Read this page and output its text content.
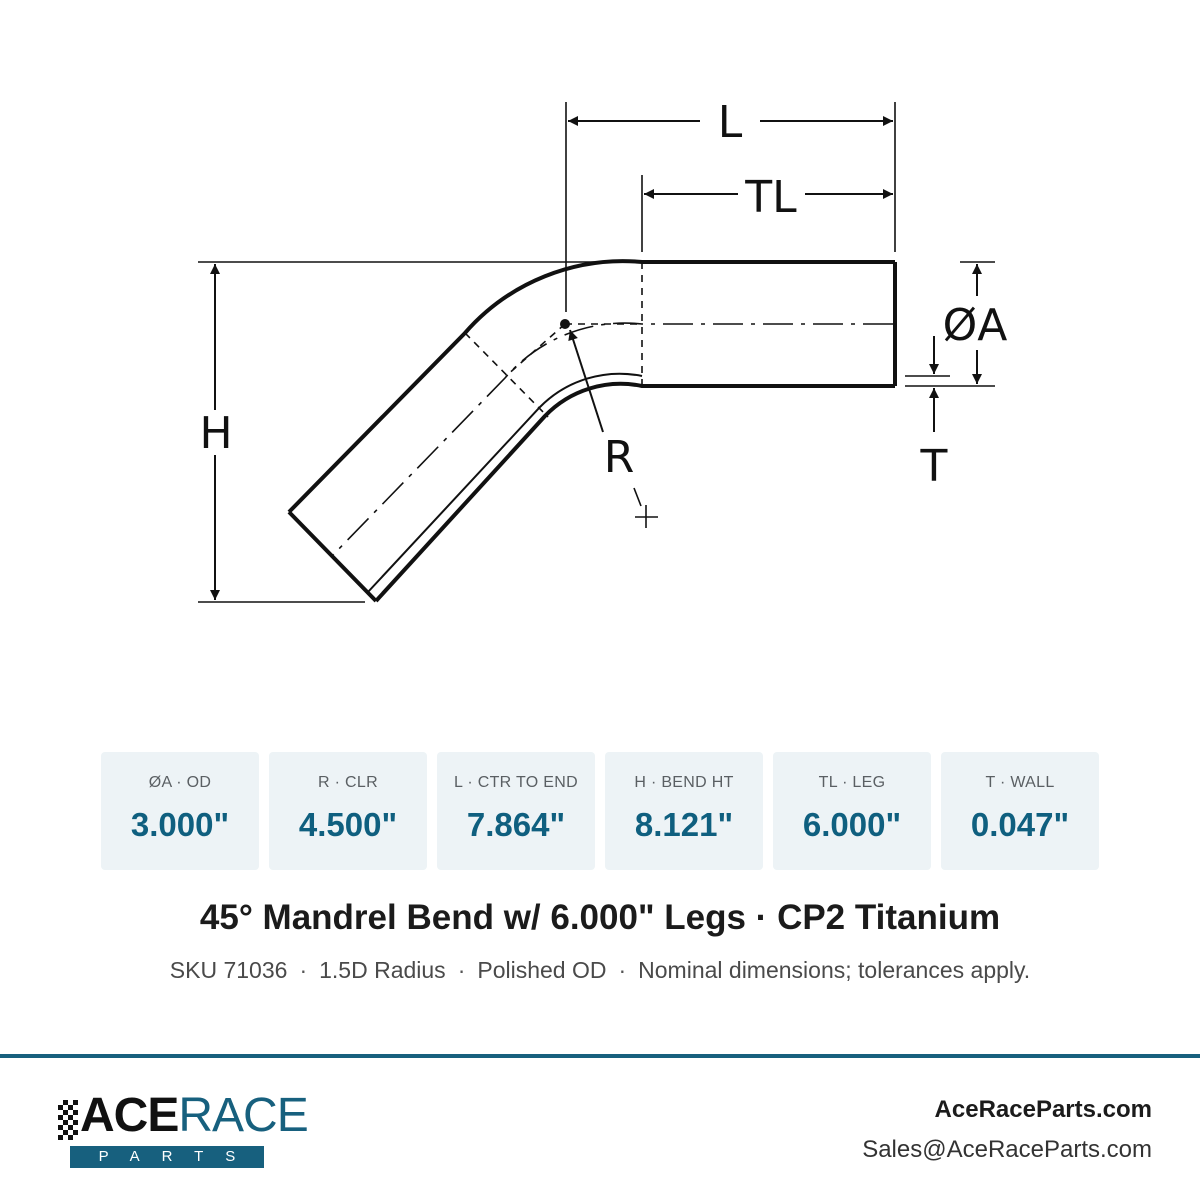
L
TL
ØA
H	R	T
ØA · OD
3.000"
R · CLR
4.500"
L · CTR TO END
7.864"
H · BEND HT
8.121"
TL · LEG
6.000"
T · WALL
0.047"
45° Mandrel Bend w/ 6.000" Legs · CP2 Titanium
SKU 71036 · 1.5D Radius · Polished OD · Nominal dimensions; tolerances apply.
ACERACE
PARTS
AceRaceParts.com
Sales@AceRaceParts.com
